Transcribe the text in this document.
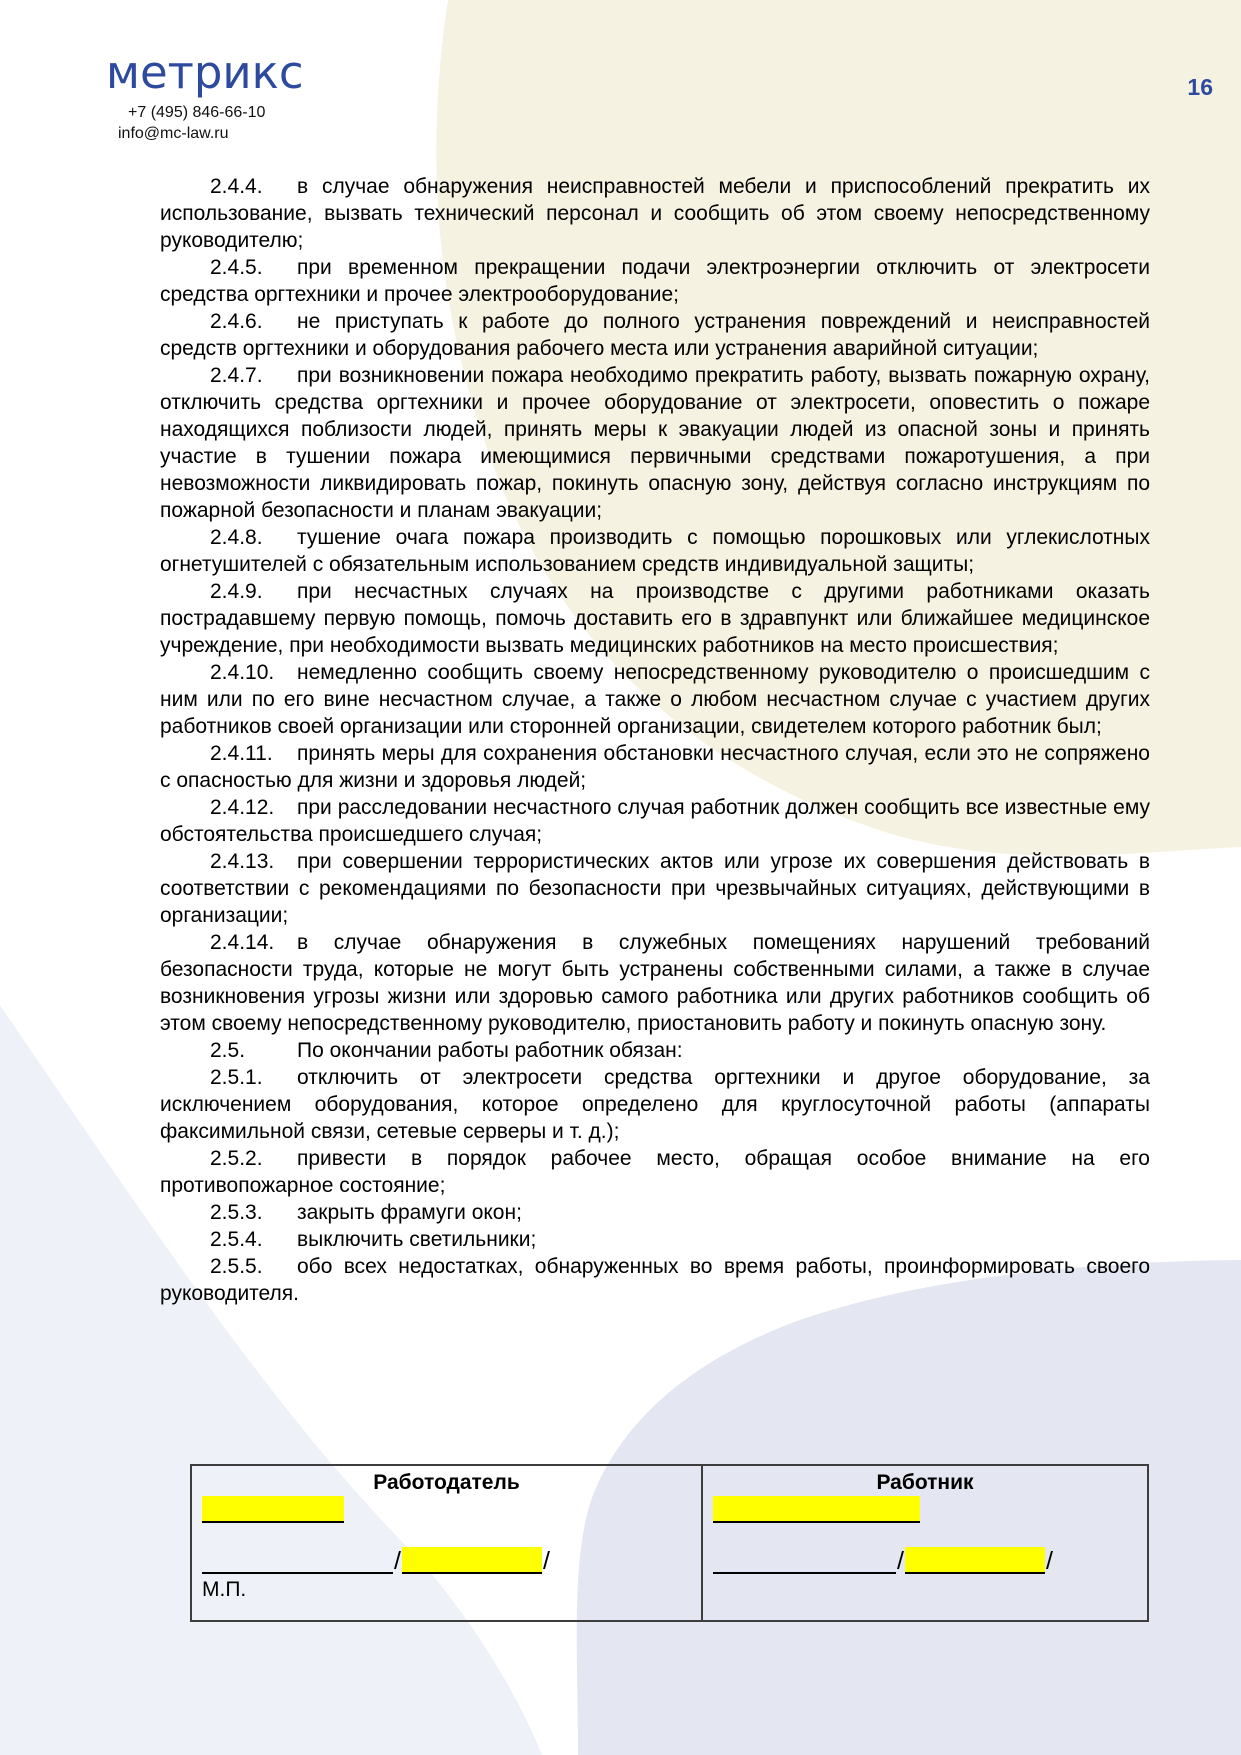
метрикс
+7 (495) 846-66-10
info@mc-law.ru
16

2.4.4. в случае обнаружения неисправностей мебели и приспособлений прекратить их использование, вызвать технический персонал и сообщить об этом своему непосредственному руководителю;

2.4.5. при временном прекращении подачи электроэнергии отключить от электросети средства оргтехники и прочее электрооборудование;

2.4.6. не приступать к работе до полного устранения повреждений и неисправностей средств оргтехники и оборудования рабочего места или устранения аварийной ситуации;

2.4.7. при возникновении пожара необходимо прекратить работу, вызвать пожарную охрану, отключить средства оргтехники и прочее оборудование от электросети, оповестить о пожаре находящихся поблизости людей, принять меры к эвакуации людей из опасной зоны и принять участие в тушении пожара имеющимися первичными средствами пожаротушения, а при невозможности ликвидировать пожар, покинуть опасную зону, действуя согласно инструкциям по пожарной безопасности и планам эвакуации;

2.4.8. тушение очага пожара производить с помощью порошковых или углекислотных огнетушителей с обязательным использованием средств индивидуальной защиты;

2.4.9. при несчастных случаях на производстве с другими работниками оказать пострадавшему первую помощь, помочь доставить его в здравпункт или ближайшее медицинское учреждение, при необходимости вызвать медицинских работников на место происшествия;

2.4.10. немедленно сообщить своему непосредственному руководителю о происшедшим с ним или по его вине несчастном случае, а также о любом несчастном случае с участием других работников своей организации или сторонней организации, свидетелем которого работник был;

2.4.11. принять меры для сохранения обстановки несчастного случая, если это не сопряжено с опасностью для жизни и здоровья людей;

2.4.12. при расследовании несчастного случая работник должен сообщить все известные ему обстоятельства происшедшего случая;

2.4.13. при совершении террористических актов или угрозе их совершения действовать в соответствии с рекомендациями по безопасности при чрезвычайных ситуациях, действующими в организации;

2.4.14. в случае обнаружения в служебных помещениях нарушений требований безопасности труда, которые не могут быть устранены собственными силами, а также в случае возникновения угрозы жизни или здоровью самого работника или других работников сообщить об этом своему непосредственному руководителю, приостановить работу и покинуть опасную зону.

2.5. По окончании работы работник обязан:

2.5.1. отключить от электросети средства оргтехники и другое оборудование, за исключением оборудования, которое определено для круглосуточной работы (аппараты факсимильной связи, сетевые серверы и т. д.);

2.5.2. привести в порядок рабочее место, обращая особое внимание на его противопожарное состояние;

2.5.3. закрыть фрамуги окон;

2.5.4. выключить светильники;

2.5.5. обо всех недостатках, обнаруженных во время работы, проинформировать своего руководителя.

Работодатель
/	/
М.П.
Работник
/	/
